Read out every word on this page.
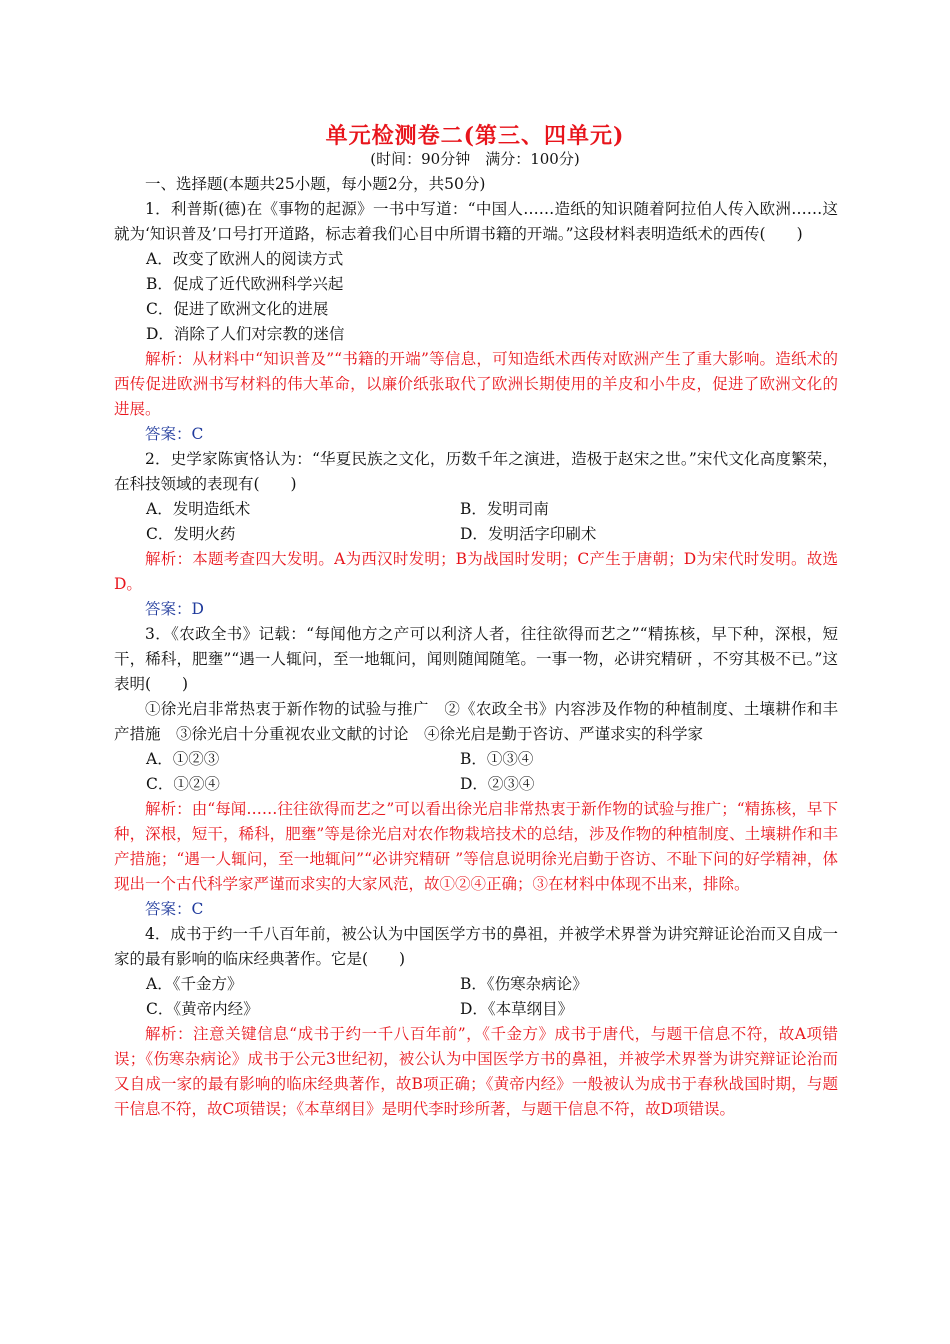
单元检测卷二(第三、四单元)
(时间：90分钟　满分：100分)

一、选择题(本题共25小题，每小题2分，共50分)

1．利普斯(德)在《事物的起源》一书中写道：“中国人……造纸的知识随着阿拉伯人传入欧洲……这就为‘知识普及’口号打开道路，标志着我们心目中所谓书籍的开端。”这段材料表明造纸术的西传(　　)

A．改变了欧洲人的阅读方式

B．促成了近代欧洲科学兴起

C．促进了欧洲文化的进展

D．消除了人们对宗教的迷信

解析：从材料中“知识普及”“书籍的开端”等信息，可知造纸术西传对欧洲产生了重大影响。造纸术的西传促进欧洲书写材料的伟大革命，以廉价纸张取代了欧洲长期使用的羊皮和小牛皮，促进了欧洲文化的进展。

答案：C

2．史学家陈寅恪认为：“华夏民族之文化，历数千年之演进，造极于赵宋之世。”宋代文化高度繁荣，在科技领域的表现有(　　)

A．发明造纸术	B．发明司南
C．发明火药	D．发明活字印刷术

解析：本题考查四大发明。A为西汉时发明；B为战国时发明；C产生于唐朝；D为宋代时发明。故选D。

答案：D

3．《农政全书》记载：“每闻他方之产可以利济人者，往往欲得而艺之”“精拣核，早下种，深根，短干，稀科，肥壅”“遇一人辄问，至一地辄问，闻则随闻随笔。一事一物，必讲究精研 ，不穷其极不已。”这表明(　　)

①徐光启非常热衷于新作物的试验与推广　②《农政全书》内容涉及作物的种植制度、土壤耕作和丰产措施　③徐光启十分重视农业文献的讨论　④徐光启是勤于咨访、严谨求实的科学家

A．①②③	B．①③④
C．①②④	D．②③④

解析：由“每闻……往往欲得而艺之”可以看出徐光启非常热衷于新作物的试验与推广；“精拣核，早下种，深根，短干，稀科，肥壅”等是徐光启对农作物栽培技术的总结，涉及作物的种植制度、土壤耕作和丰产措施；“遇一人辄问，至一地辄问”“必讲究精研 ”等信息说明徐光启勤于咨访、不耻下问的好学精神，体现出一个古代科学家严谨而求实的大家风范，故①②④正确；③在材料中体现不出来，排除。

答案：C

4．成书于约一千八百年前，被公认为中国医学方书的鼻祖，并被学术界誉为讲究辩证论治而又自成一家的最有影响的临床经典著作。它是(　　)

A．《千金方》	B．《伤寒杂病论》
C．《黄帝内经》	D．《本草纲目》

解析：注意关键信息“成书于约一千八百年前”，《千金方》成书于唐代，与题干信息不符，故A项错误；《伤寒杂病论》成书于公元3世纪初，被公认为中国医学方书的鼻祖，并被学术界誉为讲究辩证论治而又自成一家的最有影响的临床经典著作，故B项正确；《黄帝内经》一般被认为成书于春秋战国时期，与题干信息不符，故C项错误；《本草纲目》是明代李时珍所著，与题干信息不符，故D项错误。
